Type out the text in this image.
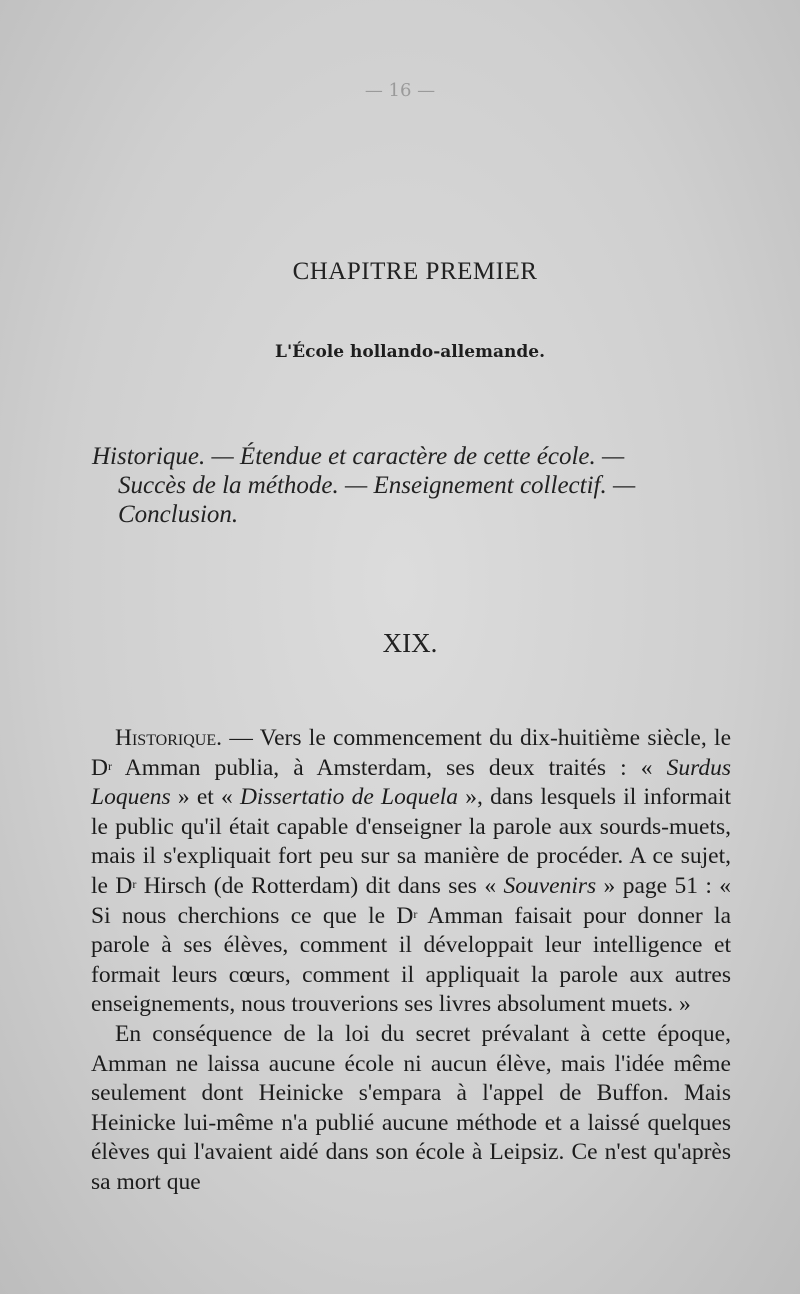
— 16 —
CHAPITRE PREMIER
L'École hollando-allemande.
Historique. — Étendue et caractère de cette école. —
Succès de la méthode. — Enseignement collectif. —
Conclusion.
XIX.

Historique. — Vers le commencement du dix-huitième siècle, le $D^r$ Amman publia, à Amsterdam, ses deux traités : « Surdus Loquens » et « Dissertatio de Loquela », dans lesquels il informait le public qu'il était capable d'enseigner la parole aux sourds-muets, mais il s'expliquait fort peu sur sa manière de procéder. A ce sujet, le $D^r$ Hirsch (de Rotterdam) dit dans ses « Souvenirs » page 51 : « Si nous cherchions ce que le $D^r$ Amman faisait pour donner la parole à ses élèves, comment il développait leur intelligence et formait leurs cœurs, comment il appliquait la parole aux autres enseignements, nous trouverions ses livres absolument muets. »

En conséquence de la loi du secret prévalant à cette époque, Amman ne laissa aucune école ni aucun élève, mais l'idée même seulement dont Heinicke s'empara à l'appel de Buffon. Mais Heinicke lui-même n'a publié aucune méthode et a laissé quelques élèves qui l'avaient aidé dans son école à Leipsiz. Ce n'est qu'après sa mort que
